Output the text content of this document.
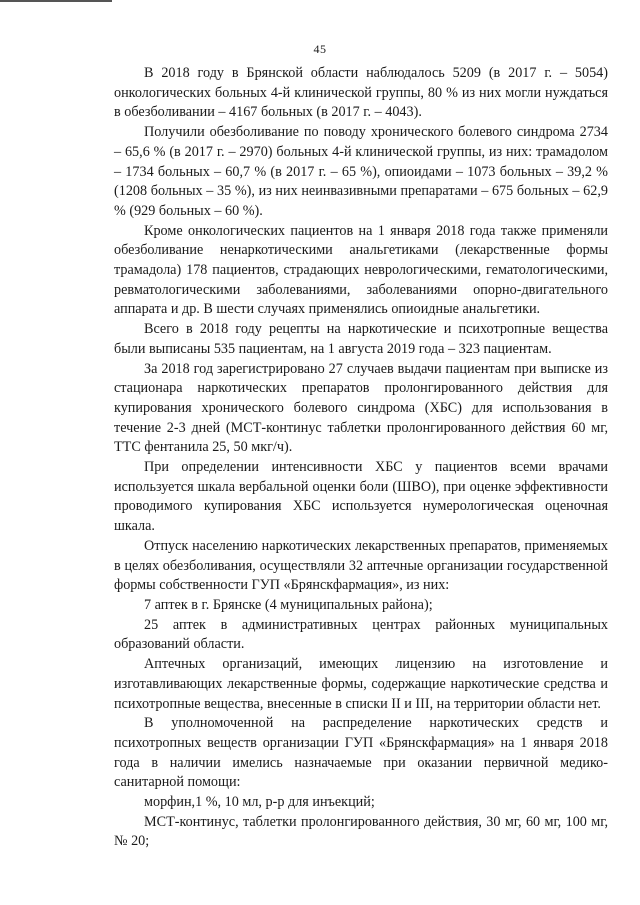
45

В 2018 году в Брянской области наблюдалось 5209 (в 2017 г. – 5054) онкологических больных 4-й клинической группы, 80 % из них могли нуждаться в обезболивании – 4167 больных (в 2017 г. – 4043).

Получили обезболивание по поводу хронического болевого синдрома 2734 – 65,6 % (в 2017 г. – 2970) больных 4-й клинической группы, из них: трамадолом – 1734 больных – 60,7 % (в 2017 г. – 65 %), опиоидами – 1073 больных – 39,2 % (1208 больных – 35 %), из них неинвазивными препаратами – 675 больных – 62,9 % (929 больных – 60 %).

Кроме онкологических пациентов на 1 января 2018 года также применяли обезболивание ненаркотическими анальгетиками (лекарственные формы трамадола) 178 пациентов, страдающих неврологическими, гематологическими, ревматологическими заболеваниями, заболеваниями опорно-двигательного аппарата и др. В шести случаях применялись опиоидные анальгетики.

Всего в 2018 году рецепты на наркотические и психотропные вещества были выписаны 535 пациентам, на 1 августа 2019 года – 323 пациентам.

За 2018 год зарегистрировано 27 случаев выдачи пациентам при выписке из стационара наркотических препаратов пролонгированного действия для купирования хронического болевого синдрома (ХБС) для использования в течение 2-3 дней (МСТ-континус таблетки пролонгированного действия 60 мг, ТТС фентанила 25, 50 мкг/ч).

При определении интенсивности ХБС у пациентов всеми врачами используется шкала вербальной оценки боли (ШВО), при оценке эффективности проводимого купирования ХБС используется нумерологическая оценочная шкала.

Отпуск населению наркотических лекарственных препаратов, применяемых в целях обезболивания, осуществляли 32 аптечные организации государственной формы собственности ГУП «Брянскфармация», из них:

7 аптек в г. Брянске (4 муниципальных района);

25 аптек в административных центрах районных муниципальных образований области.

Аптечных организаций, имеющих лицензию на изготовление и изготавливающих лекарственные формы, содержащие наркотические средства и психотропные вещества, внесенные в списки II и III, на территории области нет.

В уполномоченной на распределение наркотических средств и психотропных веществ организации ГУП «Брянскфармация» на 1 января 2018 года в наличии имелись назначаемые при оказании первичной медико-санитарной помощи:

морфин,1 %, 10 мл, р-р для инъекций;

МСТ-континус, таблетки пролонгированного действия, 30 мг, 60 мг, 100 мг, № 20;
